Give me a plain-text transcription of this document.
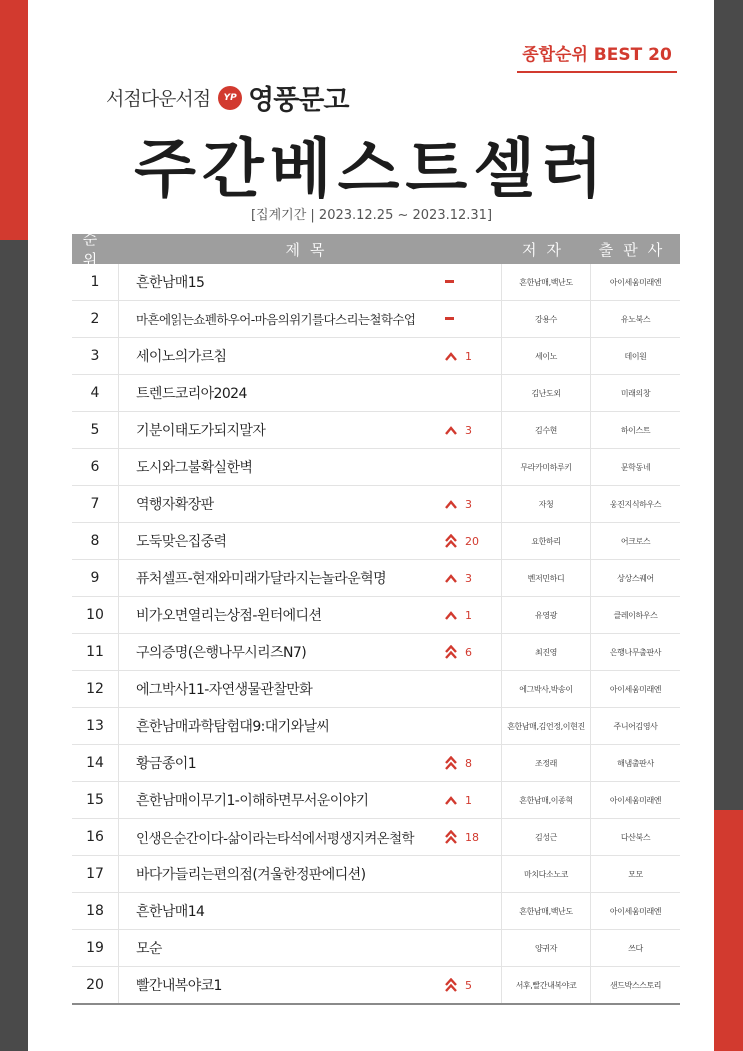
종합순위 BEST 20
서점다운서점	YP 영풍문고
주간베스트셀러
[집계기간 | 2023.12.25 ~ 2023.12.31]
순위
제목	저자	출판사
1	흔한남매15	흔한남매,백난도	아이세움미래엔
2	마흔에읽는쇼펜하우어-마음의위기를다스리는철학수업	강용수	유노북스
3	세이노의가르침	1	세이노	데이원
4	트렌드코리아2024	김난도외	미래의창
5	기분이태도가되지말자	3	김수현	하이스트
6	도시와그불확실한벽	무라카미하루키	문학동네
7	역행자확장판	3	자청	웅진지식하우스
8	도둑맞은집중력	20	요한하리	어크로스
9	퓨처셀프-현재와미래가달라지는놀라운혁명	3	벤저민하디	상상스퀘어
10	비가오면열리는상점-윈터에디션	1	유영광	클레이하우스
11	구의증명(은행나무시리즈N7)	6	최진영	은행나무출판사
12	에그박사11-자연생물관찰만화	에그박사,박송이	아이세움미래엔
13	흔한남매과학탐험대9:대기와날씨	흔한남매,김언정,이현진	주니어김영사
14	황금종이1	8	조정래	해냄출판사
15	흔한남매이무기1-이해하면무서운이야기	1	흔한남매,이종혁	아이세움미래엔
16	인생은순간이다-삶이라는타석에서평생지켜온철학	18	김성근	다산북스
17	바다가들리는편의점(겨울한정판에디션)	마치다소노코	모모
18	흔한남매14	흔한남매,백난도	아이세움미래엔
19	모순	양귀자	쓰다
20	빨간내복야코1	5	서후,빨간내복야코	샌드박스스토리
